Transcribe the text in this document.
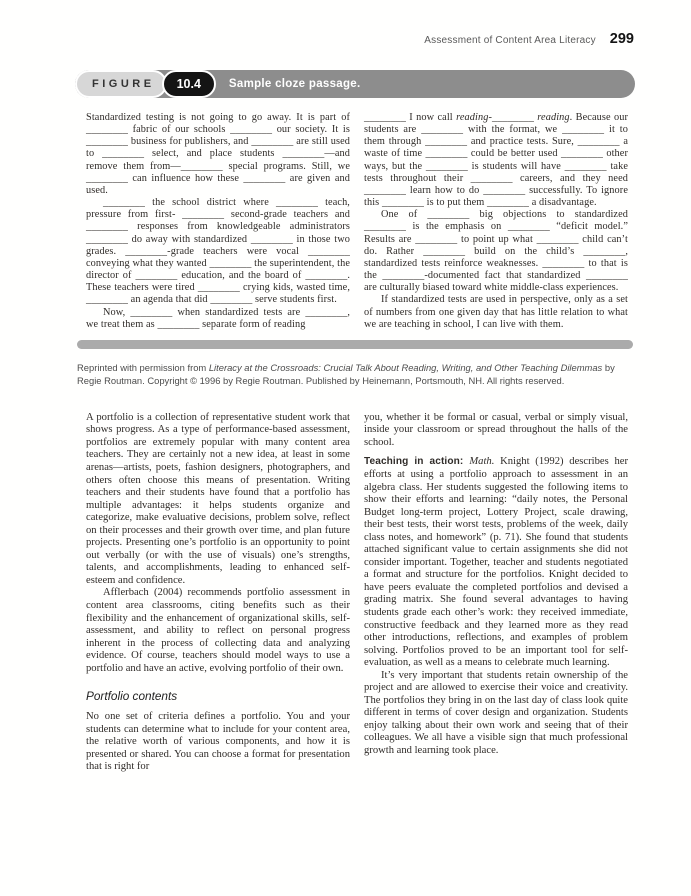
Assessment of Content Area Literacy 299
FIGURE	10.4	Sample cloze passage.

Standardized testing is not going to go away. It is part of ________ fabric of our schools ________ our society. It is ________ business for publishers, and ________ are still used to ________ select, and place students ________—and remove them from—________ special programs. Still, we ________ can influence how these ________ are given and used.

________ the school district where ________ teach, pressure from first- ________ second-grade teachers and ________ responses from knowledgeable administrators ________ do away with standardized ________ in those two grades. ________-grade teachers were vocal ________ conveying what they wanted ________ the superintendent, the director of ________ education, and the board of ________. These teachers were tired ________ crying kids, wasted time, ________ an agenda that did ________ serve students first.

Now, ________ when standardized tests are ________, we treat them as ________ separate form of reading

________ I now call reading-________ reading. Because our students are ________ with the format, we ________ it to them through ________ and practice tests. Sure, ________ a waste of time ________ could be better used ________ other ways, but the ________ is students will have ________ take tests throughout their ________ careers, and they need ________ learn how to do ________ successfully. To ignore this ________ is to put them ________ a disadvantage.

One of ________ big objections to standardized ________ is the emphasis on ________ “deficit model.” Results are ________ to point up what ________ child can’t do. Rather ________ build on the child’s ________, standardized tests reinforce weaknesses. ________ to that is the ________-documented fact that standardized ________ are culturally biased toward white middle-class experiences.

If standardized tests are used in perspective, only as a set of numbers from one given day that has little relation to what we are teaching in school, I can live with them.

Reprinted with permission from Literacy at the Crossroads: Crucial Talk About Reading, Writing, and Other Teaching Dilemmas by Regie Routman. Copyright © 1996 by Regie Routman. Published by Heinemann, Portsmouth, NH. All rights reserved.

A portfolio is a collection of representative student work that shows progress. As a type of performance-based assessment, portfolios are extremely popular with many content area teachers. They are certainly not a new idea, at least in some arenas—artists, poets, fashion designers, photographers, and others often choose this means of presentation. Writing teachers and their students have found that a portfolio has multiple advantages: it helps students organize and categorize, make evaluative decisions, problem solve, reflect on their processes and their growth over time, and plan future projects. Presenting one’s portfolio is an opportunity to point out verbally (or with the use of visuals) one’s strengths, talents, and accomplishments, leading to enhanced self-esteem and confidence.

Afflerbach (2004) recommends portfolio assessment in content area classrooms, citing benefits such as their flexibility and the enhancement of organizational skills, self-assessment, and ability to reflect on personal progress inherent in the process of collecting data and analyzing evidence. Of course, teachers should model ways to use a portfolio and have an active, evolving portfolio of their own.

Portfolio contents

No one set of criteria defines a portfolio. You and your students can determine what to include for your content area, the relative worth of various components, and how it is presented or shared. You can choose a format for presentation that is right for

you, whether it be formal or casual, verbal or simply visual, inside your classroom or spread throughout the halls of the school.

Teaching in action: Math. Knight (1992) describes her efforts at using a portfolio approach to assessment in an algebra class. Her students suggested the following items to show their efforts and learning: “daily notes, the Personal Budget long-term project, Lottery Project, scale drawing, their best tests, their worst tests, problems of the week, daily class notes, and homework” (p. 71). She found that students attached significant value to certain assignments she did not consider important. Together, teacher and students negotiated a format and structure for the portfolios. Knight decided to have peers evaluate the completed portfolios and devised a grading matrix. She found several advantages to having students grade each other’s work: they received immediate, constructive feedback and they learned more as they read other introductions, reflections, and examples of problem solving. Portfolios proved to be an important tool for self-evaluation, as well as a means to celebrate much learning.

It’s very important that students retain ownership of the project and are allowed to exercise their voice and creativity. The portfolios they bring in on the last day of class look quite different in terms of cover design and organization. Students enjoy talking about their own work and seeing that of their colleagues. We all have a visible sign that much professional growth and learning took place.
